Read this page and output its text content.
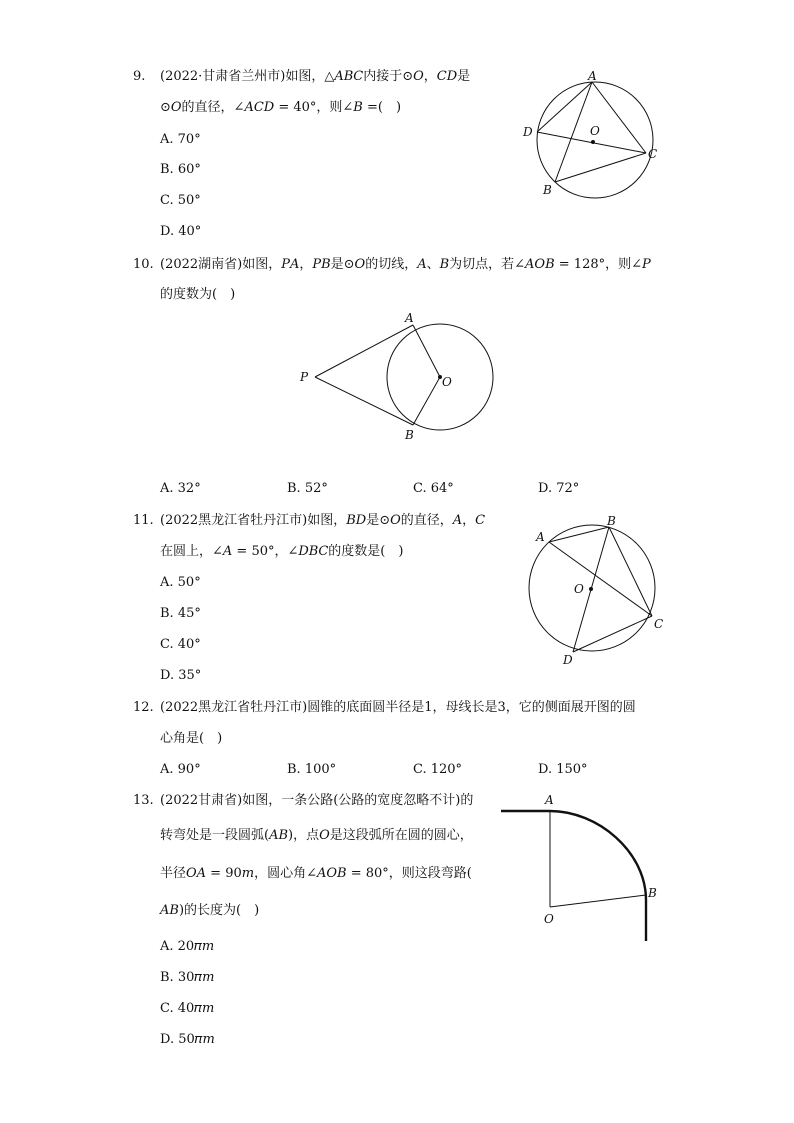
9. (2022·甘肃省兰州市)如图，△𝐴𝐵𝐶内接于⊙𝑂，𝐶𝐷是
⊙𝑂的直径，∠𝐴𝐶𝐷 = 40°，则∠𝐵 =(　)
A. 70°
B. 60°
C. 50°
D. 40°
A
C
D
B
O
10. (2022湖南省)如图，𝑃𝐴，𝑃𝐵是⊙𝑂的切线，𝐴、𝐵为切点，若∠𝐴𝑂𝐵 = 128°，则∠𝑃
的度数为(　)
A
B
P	O
A. 32°	B. 52°	C. 64°	D. 72°
11. (2022黑龙江省牡丹江市)如图，𝐵𝐷是⊙𝑂的直径，𝐴，𝐶
在圆上，∠𝐴 = 50°，∠𝐷𝐵𝐶的度数是(　)
A. 50°
B. 45°
C. 40°
D. 35°
B
A
C
D
O
12. (2022黑龙江省牡丹江市)圆锥的底面圆半径是1，母线长是3，它的侧面展开图的圆
心角是(　)
A. 90°	B. 100°	C. 120°	D. 150°
13. (2022甘肃省)如图，一条公路(公路的宽度忽略不计)的
转弯处是一段圆弧(𝐴𝐵)，点𝑂是这段弧所在圆的圆心，
半径𝑂𝐴 = 90𝑚，圆心角∠𝐴𝑂𝐵 = 80°，则这段弯路(
𝐴𝐵)的长度为(　)
A. 20𝜋𝑚
B. 30𝜋𝑚
C. 40𝜋𝑚
D. 50𝜋𝑚
A
B
O
